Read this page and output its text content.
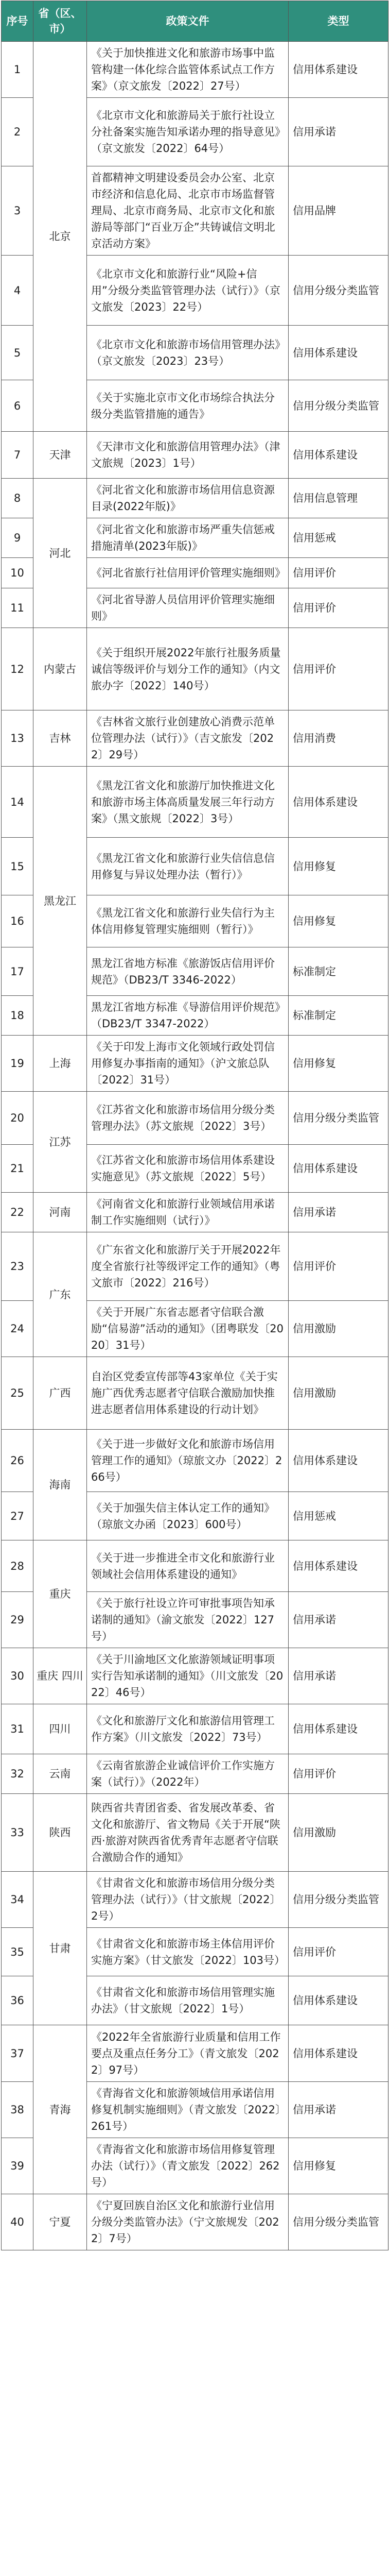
序号	省（区、市）	政策文件	类型
1	北京	《关于加快推进文化和旅游市场事中监管构建一体化综合监管体系试点工作方案》（京文旅发〔2022〕27号）	信用体系建设
2		《北京市文化和旅游局关于旅行社设立分社备案实施告知承诺办理的指导意见》（京文旅发〔2022〕64号）	信用承诺
3		首都精神文明建设委员会办公室、北京市经济和信息化局、北京市市场监督管理局、北京市商务局、北京市文化和旅游局等部门“百业万企”共铸诚信文明北京活动方案》	信用品牌
4		《北京市文化和旅游行业“风险+信用”分级分类监管管理办法（试行）》（京文旅发〔2023〕22号）	信用分级分类监管
5		《北京市文化和旅游市场信用管理办法》（京文旅发〔2023〕23号）	信用体系建设
6		《关于实施北京市文化市场综合执法分级分类监管措施的通告》	信用分级分类监管
7	天津	《天津市文化和旅游信用管理办法》（津文旅规〔2023〕1号）	信用体系建设
8	河北	《河北省文化和旅游市场信用信息资源目录(2022年版)》	信用信息管理
9		《河北省文化和旅游市场严重失信惩戒措施清单(2023年版)》	信用惩戒
10		《河北省旅行社信用评价管理实施细则》	信用评价
11		《河北省导游人员信用评价管理实施细则》	信用评价
12	内蒙古	《关于组织开展2022年旅行社服务质量诚信等级评价与划分工作的通知》（内文旅办字〔2022〕140号）	信用评价
13	吉林	《吉林省文旅行业创建放心消费示范单位管理办法（试行）》（吉文旅发〔2022〕29号）	信用消费
14	黑龙江	《黑龙江省文化和旅游厅加快推进文化和旅游市场主体高质量发展三年行动方案》（黑文旅规〔2022〕3号）	信用体系建设
15		《黑龙江省文化和旅游行业失信信息信用修复与异议处理办法（暂行）》	信用修复
16		《黑龙江省文化和旅游行业失信行为主体信用修复管理实施细则（暂行）》	信用修复
17		黑龙江省地方标准《旅游饭店信用评价规范》（DB23/T 3346-2022）	标准制定
18		黑龙江省地方标准《导游信用评价规范》（DB23/T 3347-2022）	标准制定
19	上海	《关于印发上海市文化领域行政处罚信用修复办事指南的通知》（沪文旅总队〔2022〕31号）	信用修复
20	江苏	《江苏省文化和旅游市场信用分级分类管理办法》（苏文旅规〔2022〕3号）	信用分级分类监管
21		《江苏省文化和旅游市场信用体系建设实施意见》（苏文旅规〔2022〕5号）	信用体系建设
22	河南	《河南省文化和旅游行业领域信用承诺制工作实施细则（试行）》	信用承诺
23	广东	《广东省文化和旅游厅关于开展2022年度全省旅行社等级评定工作的通知》（粤文旅市〔2022〕216号）	信用评价
24		《关于开展广东省志愿者守信联合激励“信易游”活动的通知》（团粤联发〔2020〕31号）	信用激励
25	广西	自治区党委宣传部等43家单位《关于实施广西优秀志愿者守信联合激励加快推进志愿者信用体系建设的行动计划》	信用激励
26	海南	《关于进一步做好文化和旅游市场信用管理工作的通知》（琼旅文办〔2022〕266号）	信用体系建设
27		《关于加强失信主体认定工作的通知》（琼旅文办函〔2023〕600号）	信用惩戒
28	重庆	《关于进一步推进全市文化和旅游行业领域社会信用体系建设的通知》	信用体系建设
29		《关于旅行社设立许可审批事项告知承诺制的通知》（渝文旅发〔2022〕127号）	信用承诺
30	重庆 四川	《关于川渝地区文化旅游领域证明事项实行告知承诺制的通知》（川文旅发〔2022〕46号）	信用承诺
31	四川	《文化和旅游厅文化和旅游信用管理工作方案》（川文旅发〔2022〕73号）	信用体系建设
32	云南	《云南省旅游企业诚信评价工作实施方案（试行）》（2022年）	信用评价
33	陕西	陕西省共青团省委、省发展改革委、省文化和旅游厅、省文物局《关于开展“陕西·旅游对陕西省优秀青年志愿者守信联合激励合作的通知》	信用激励
34	甘肃	《甘肃省文化和旅游市场信用分级分类管理办法（试行）》（甘文旅规〔2022〕2号）	信用分级分类监管
35		《甘肃省文化和旅游市场主体信用评价实施方案》（甘文旅发〔2022〕103号）	信用评价
36		《甘肃省文化和旅游市场信用管理实施办法》（甘文旅规〔2022〕1号）	信用体系建设
37	青海	《2022年全省旅游行业质量和信用工作要点及重点任务分工》（青文旅发〔2022〕97号）	信用体系建设
38		《青海省文化和旅游领域信用承诺信用修复机制实施细则》（青文旅发〔2022〕261号）	信用承诺
39		《青海省文化和旅游市场信用修复管理办法（试行）》（青文旅发〔2022〕262号）	信用修复
40	宁夏	《宁夏回族自治区文化和旅游行业信用分级分类监管办法》（宁文旅规发〔2022〕7号）	信用分级分类监管
